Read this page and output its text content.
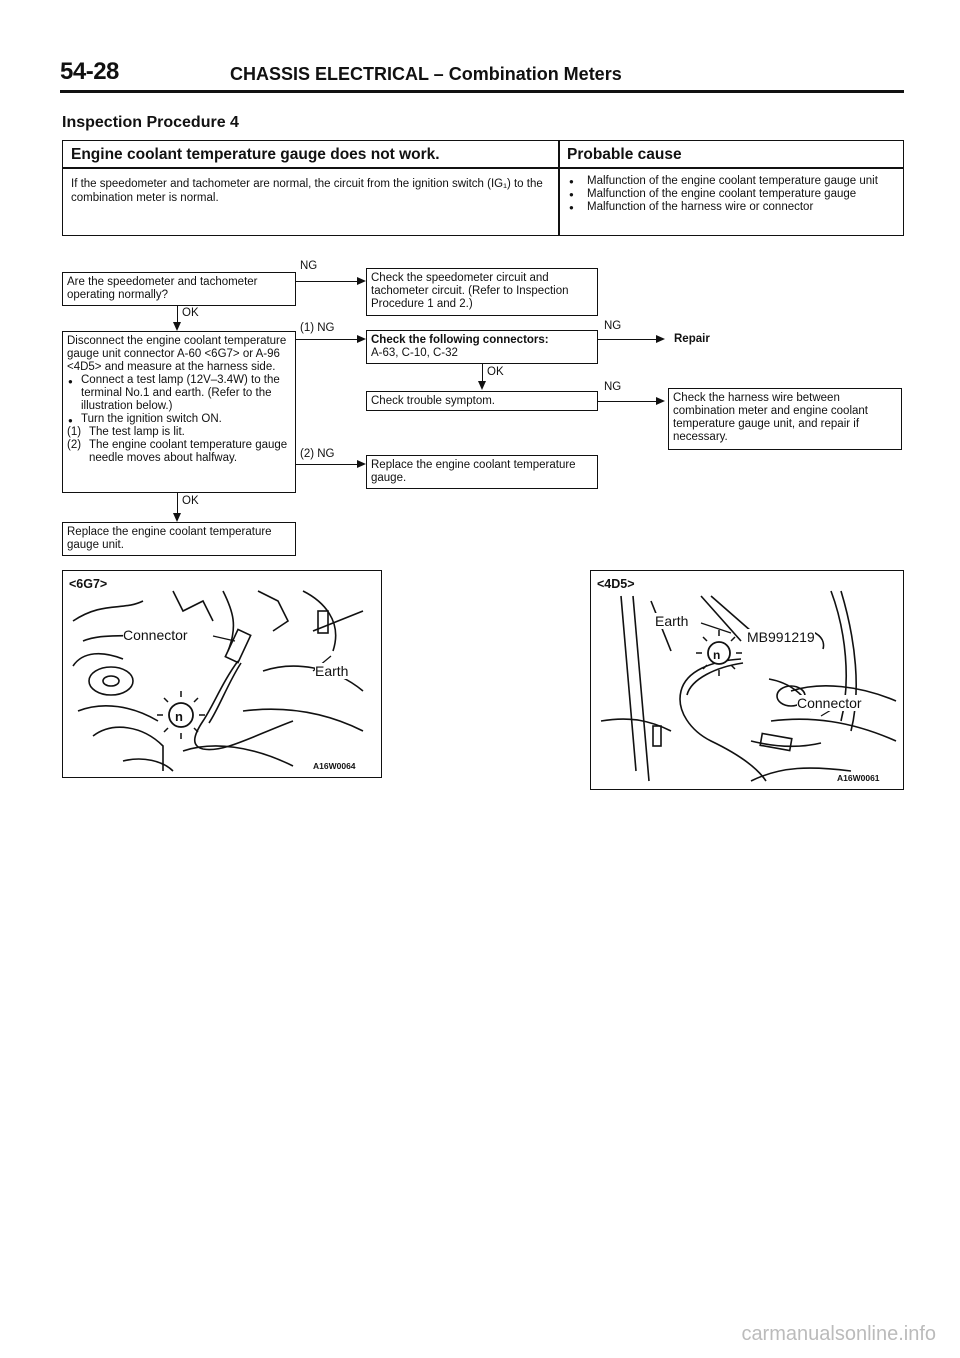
54-28	CHASSIS ELECTRICAL – Combination Meters
Inspection Procedure 4
Engine coolant temperature gauge does not work.	Probable cause
If the speedometer and tachometer are normal, the circuit from the ignition switch (IG₁) to the combination meter is normal.
● Malfunction of the engine coolant temperature gauge unit
● Malfunction of the engine coolant temperature gauge
● Malfunction of the harness wire or connector
Are the speedometer and tachometer operating normally?
NG
Check the speedometer circuit and tachometer circuit. (Refer to Inspection Procedure 1 and 2.)
OK
Disconnect the engine coolant temperature gauge unit connector A-60 <6G7> or A-96 <4D5> and measure at the harness side.
● Connect a test lamp (12V–3.4W) to the terminal No.1 and earth. (Refer to the illustration below.)
● Turn the ignition switch ON.
(1) The test lamp is lit.
(2) The engine coolant temperature gauge needle moves about halfway.
(1) NG
Check the following connectors:
A-63, C-10, C-32
NG
Repair
OK
Check trouble symptom.
NG
Check the harness wire between combination meter and engine coolant temperature gauge unit, and repair if necessary.
(2) NG
Replace the engine coolant temperature gauge.
OK
Replace the engine coolant temperature gauge unit.
<6G7>
n
Connector
Earth
A16W0064
<4D5>
n
Earth
MB991219
Connector
A16W0061
carmanualsonline.info
